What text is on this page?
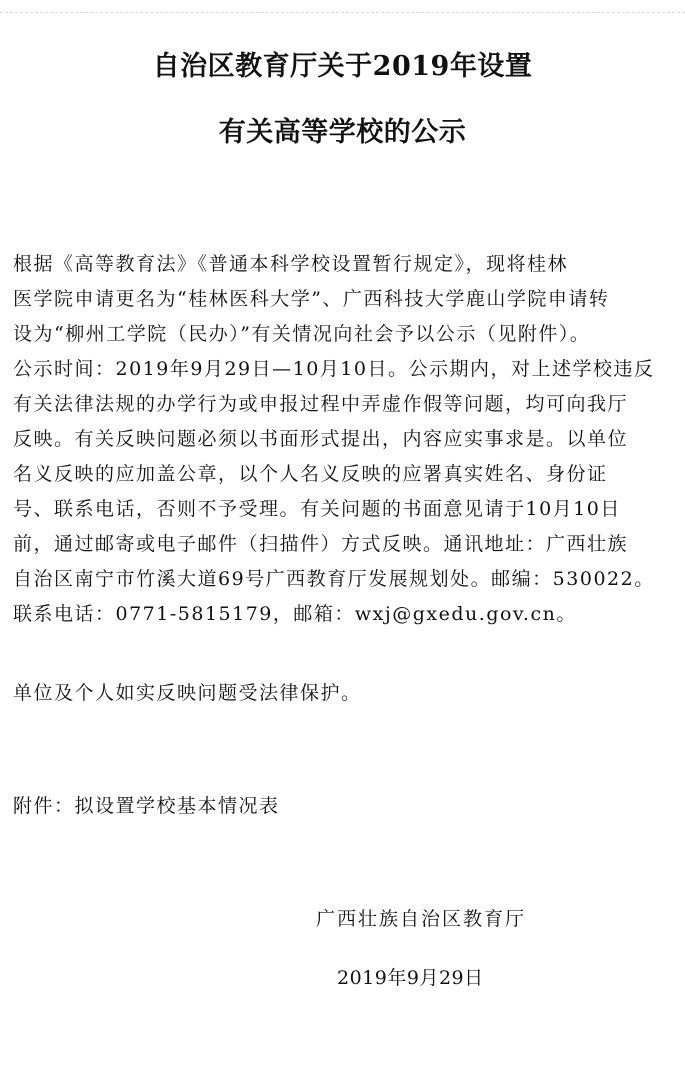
自治区教育厅关于2019年设置
有关高等学校的公示
根据《高等教育法》《普通本科学校设置暂行规定》，现将桂林
医学院申请更名为“桂林医科大学”、广西科技大学鹿山学院申请转
设为“柳州工学院（民办）”有关情况向社会予以公示（见附件）。
公示时间：2019年9月29日—10月10日。公示期内，对上述学校违反
有关法律法规的办学行为或申报过程中弄虚作假等问题，均可向我厅
反映。有关反映问题必须以书面形式提出，内容应实事求是。以单位
名义反映的应加盖公章，以个人名义反映的应署真实姓名、身份证
号、联系电话，否则不予受理。有关问题的书面意见请于10月10日
前，通过邮寄或电子邮件（扫描件）方式反映。通讯地址：广西壮族
自治区南宁市竹溪大道69号广西教育厅发展规划处。邮编：530022。
联系电话：0771-5815179，邮箱：wxj@gxedu.gov.cn。
单位及个人如实反映问题受法律保护。
附件：拟设置学校基本情况表
广西壮族自治区教育厅
2019年9月29日
